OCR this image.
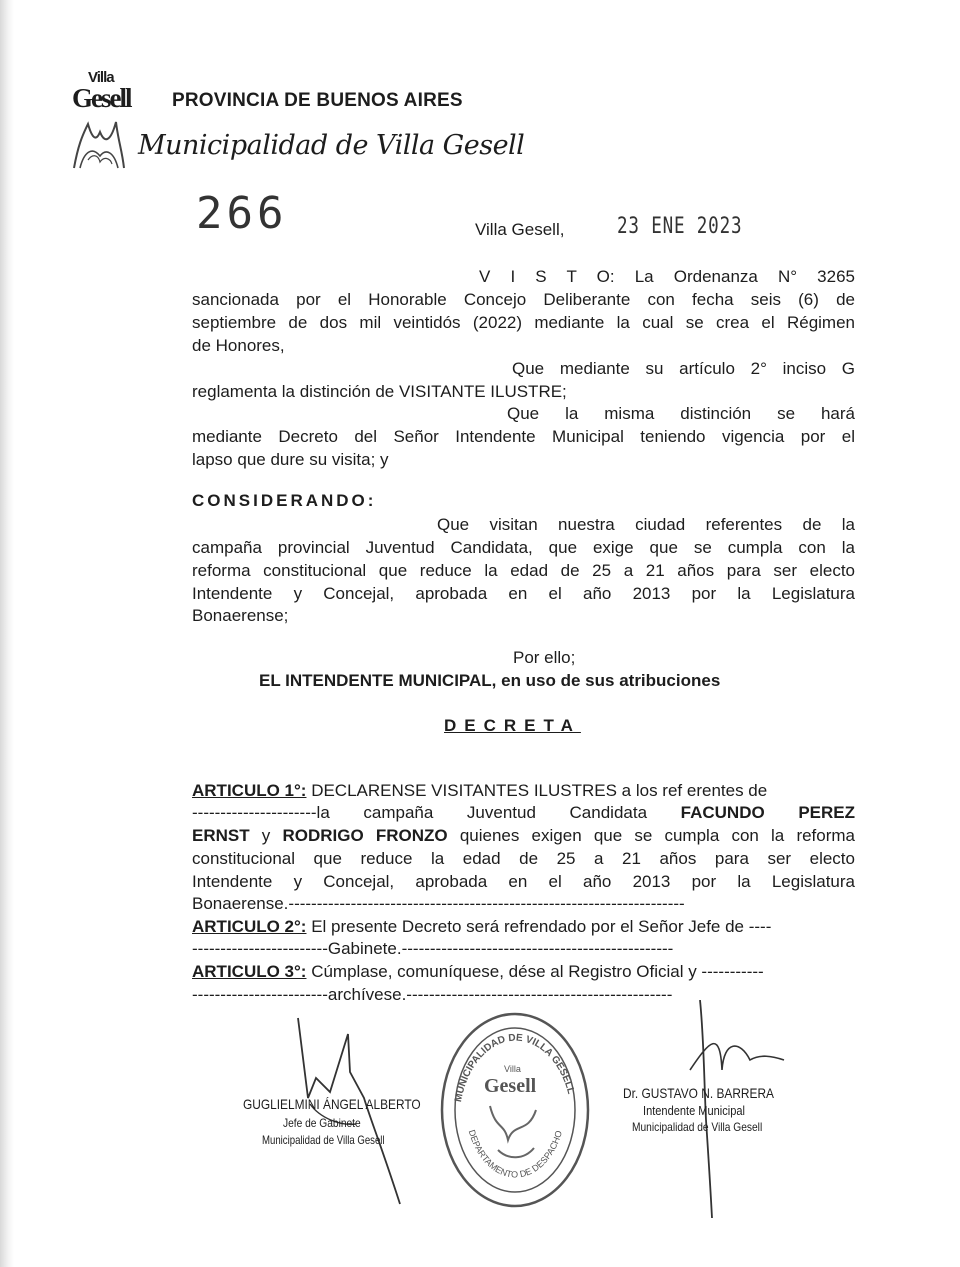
Villa
Gesell PROVINCIA DE BUENOS AIRES
Municipalidad de Villa Gesell
266	Villa Gesell, 23 ENE 2023
V I S T O: La Ordenanza N° 3265
sancionada por el Honorable Concejo Deliberante con fecha seis (6) de
septiembre de dos mil veintidós (2022) mediante la cual se crea el Régimen
de Honores,
Que mediante su artículo 2° inciso G
reglamenta la distinción de VISITANTE ILUSTRE;
Que la misma distinción se hará
mediante Decreto del Señor Intendente Municipal teniendo vigencia por el
lapso que dure su visita; y
CONSIDERANDO:
Que visitan nuestra ciudad referentes de la
campaña provincial Juventud Candidata, que exige que se cumpla con la
reforma constitucional que reduce la edad de 25 a 21 años para ser electo
Intendente y Concejal, aprobada en el año 2013 por la Legislatura
Bonaerense;
Por ello;
EL INTENDENTE MUNICIPAL, en uso de sus atribuciones
DECRETA
ARTICULO 1°: DECLARENSE VISITANTES ILUSTRES a los ref erentes de
----------------------la campaña Juventud Candidata FACUNDO PEREZ
ERNST y RODRIGO FRONZO quienes exigen que se cumpla con la reforma
constitucional que reduce la edad de 25 a 21 años para ser electo
Intendente y Concejal, aprobada en el año 2013 por la Legislatura
Bonaerense.----------------------------------------------------------------------
ARTICULO 2°: El presente Decreto será refrendado por el Señor Jefe de ----
------------------------Gabinete.------------------------------------------------
ARTICULO 3°: Cúmplase, comuníquese, dése al Registro Oficial y -----------
------------------------archívese.-----------------------------------------------
MUNICIPALIDAD DE VILLA GESELL
DEPARTAMENTO DE DESPACHO
Villa
Gesell
GUGLIELMINI ÁNGEL ALBERTO
Jefe de Gabinete
Municipalidad de Villa Gesell
Dr. GUSTAVO N. BARRERA
Intendente Municipal
Municipalidad de Villa Gesell
